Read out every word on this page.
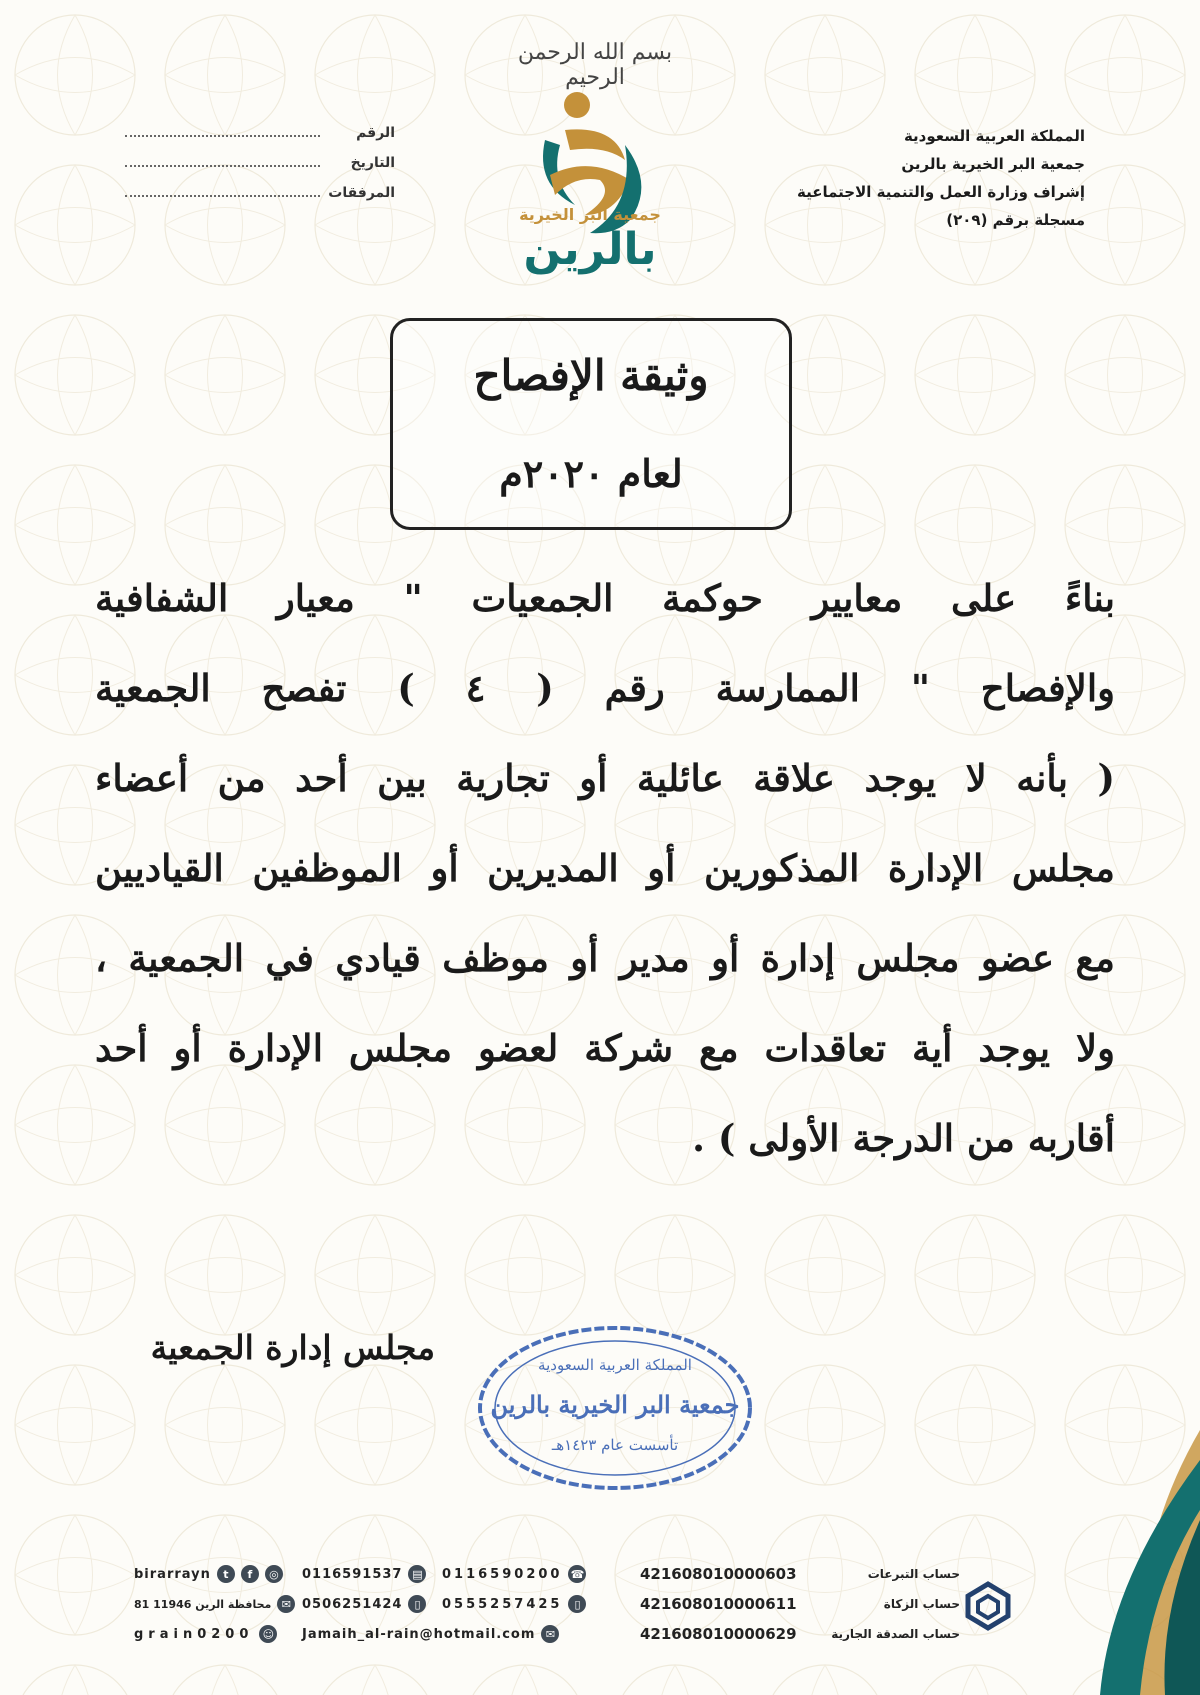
بسم الله الرحمن الرحيم
المملكة العربية السعودية
جمعية البر الخيرية بالرين
إشراف وزارة العمل والتنمية الاجتماعية
مسجلة برقم (٢٠٩)
الرقم
التاريخ
المرفقات
جمعية البر الخيرية
بالرين
وثيقة الإفصاح
لعام ٢٠٢٠م
بناءً على معايير حوكمة الجمعيات " معيار الشفافية
والإفصاح " الممارسة رقم ( ٤ ) تفصح الجمعية
( بأنه لا يوجد علاقة عائلية أو تجارية بين أحد من أعضاء
مجلس الإدارة المذكورين أو المديرين أو الموظفين القياديين
مع عضو مجلس إدارة أو مدير أو موظف قيادي في الجمعية ،
ولا يوجد أية تعاقدات مع شركة لعضو مجلس الإدارة أو أحد
أقاربه من الدرجة الأولى ) .
مجلس إدارة الجمعية	المملكة العربية السعودية
جمعية البر الخيرية بالرين
تأسست عام ١٤٢٣هـ
birarrayn	t	f	◎	0116591537 ▤ 0116590200 ☎
81 محافظة الرين 11946 ✉ 0506251424	▯	0555257425	▯
grain0200 ☺ Jamaih_al-rain@hotmail.com ✉
حساب التبرعات
421608010000603
حساب الزكاة
421608010000611
حساب الصدقة الجارية
421608010000629
